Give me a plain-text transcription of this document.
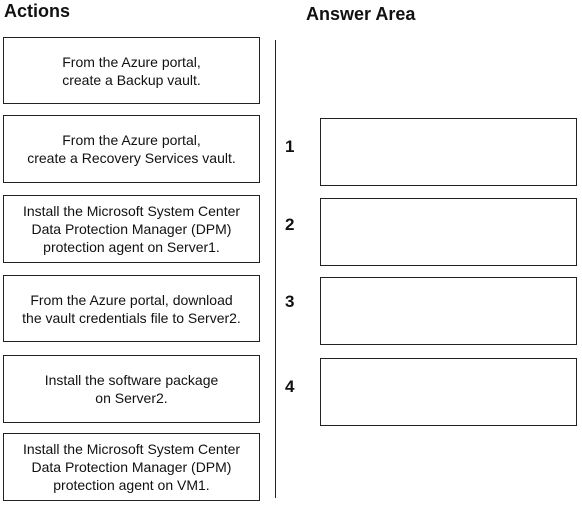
Actions	Answer Area
From the Azure portal,
create a Backup vault.
From the Azure portal,
create a Recovery Services vault.
Install the Microsoft System Center
Data Protection Manager (DPM)
protection agent on Server1.
From the Azure portal, download
the vault credentials file to Server2.
Install the software package
on Server2.
Install the Microsoft System Center
Data Protection Manager (DPM)
protection agent on VM1.
1
2
3
4
